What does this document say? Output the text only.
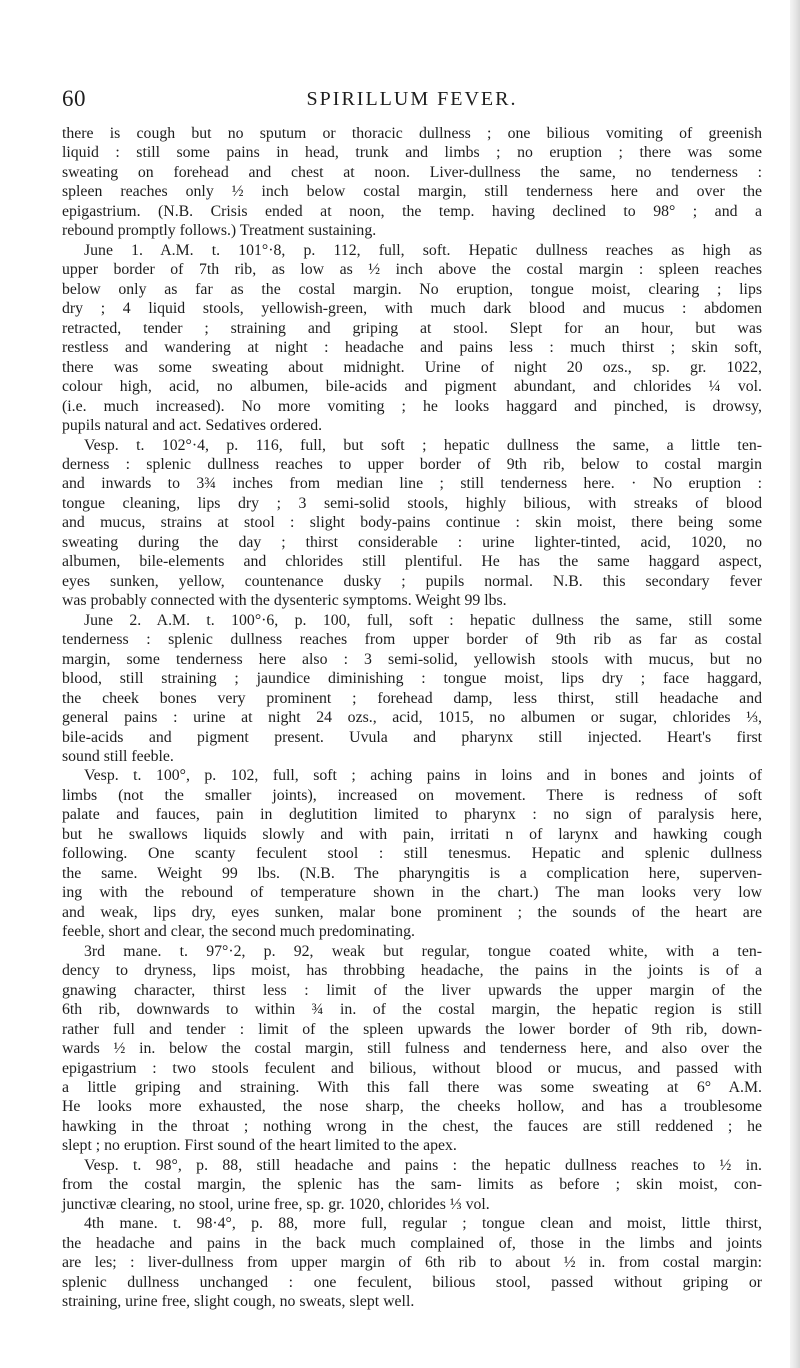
60	SPIRILLUM FEVER.
there is cough but no sputum or thoracic dullness ; one bilious vomiting of greenish
liquid : still some pains in head, trunk and limbs ; no eruption ; there was some
sweating on forehead and chest at noon. Liver-dullness the same, no tenderness :
spleen reaches only ½ inch below costal margin, still tenderness here and over the
epigastrium. (N.B. Crisis ended at noon, the temp. having declined to 98° ; and a
rebound promptly follows.) Treatment sustaining.
June 1. A.M. t. 101°·8, p. 112, full, soft. Hepatic dullness reaches as high as
upper border of 7th rib, as low as ½ inch above the costal margin : spleen reaches
below only as far as the costal margin. No eruption, tongue moist, clearing ; lips
dry ; 4 liquid stools, yellowish-green, with much dark blood and mucus : abdomen
retracted, tender ; straining and griping at stool. Slept for an hour, but was
restless and wandering at night : headache and pains less : much thirst ; skin soft,
there was some sweating about midnight. Urine of night 20 ozs., sp. gr. 1022,
colour high, acid, no albumen, bile-acids and pigment abundant, and chlorides ¼ vol.
(i.e. much increased). No more vomiting ; he looks haggard and pinched, is drowsy,
pupils natural and act. Sedatives ordered.
Vesp. t. 102°·4, p. 116, full, but soft ; hepatic dullness the same, a little ten-
derness : splenic dullness reaches to upper border of 9th rib, below to costal margin
and inwards to 3¾ inches from median line ; still tenderness here. · No eruption :
tongue cleaning, lips dry ; 3 semi-solid stools, highly bilious, with streaks of blood
and mucus, strains at stool : slight body-pains continue : skin moist, there being some
sweating during the day ; thirst considerable : urine lighter-tinted, acid, 1020, no
albumen, bile-elements and chlorides still plentiful. He has the same haggard aspect,
eyes sunken, yellow, countenance dusky ; pupils normal. N.B. this secondary fever
was probably connected with the dysenteric symptoms. Weight 99 lbs.
June 2. A.M. t. 100°·6, p. 100, full, soft : hepatic dullness the same, still some
tenderness : splenic dullness reaches from upper border of 9th rib as far as costal
margin, some tenderness here also : 3 semi-solid, yellowish stools with mucus, but no
blood, still straining ; jaundice diminishing : tongue moist, lips dry ; face haggard,
the cheek bones very prominent ; forehead damp, less thirst, still headache and
general pains : urine at night 24 ozs., acid, 1015, no albumen or sugar, chlorides ⅓,
bile-acids and pigment present. Uvula and pharynx still injected. Heart's first
sound still feeble.
Vesp. t. 100°, p. 102, full, soft ; aching pains in loins and in bones and joints of
limbs (not the smaller joints), increased on movement. There is redness of soft
palate and fauces, pain in deglutition limited to pharynx : no sign of paralysis here,
but he swallows liquids slowly and with pain, irritati n of larynx and hawking cough
following. One scanty feculent stool : still tenesmus. Hepatic and splenic dullness
the same. Weight 99 lbs. (N.B. The pharyngitis is a complication here, superven-
ing with the rebound of temperature shown in the chart.) The man looks very low
and weak, lips dry, eyes sunken, malar bone prominent ; the sounds of the heart are
feeble, short and clear, the second much predominating.
3rd mane. t. 97°·2, p. 92, weak but regular, tongue coated white, with a ten-
dency to dryness, lips moist, has throbbing headache, the pains in the joints is of a
gnawing character, thirst less : limit of the liver upwards the upper margin of the
6th rib, downwards to within ¾ in. of the costal margin, the hepatic region is still
rather full and tender : limit of the spleen upwards the lower border of 9th rib, down-
wards ½ in. below the costal margin, still fulness and tenderness here, and also over the
epigastrium : two stools feculent and bilious, without blood or mucus, and passed with
a little griping and straining. With this fall there was some sweating at 6° A.M.
He looks more exhausted, the nose sharp, the cheeks hollow, and has a troublesome
hawking in the throat ; nothing wrong in the chest, the fauces are still reddened ; he
slept ; no eruption. First sound of the heart limited to the apex.
Vesp. t. 98°, p. 88, still headache and pains : the hepatic dullness reaches to ½ in.
from the costal margin, the splenic has the sam- limits as before ; skin moist, con-
junctivæ clearing, no stool, urine free, sp. gr. 1020, chlorides ⅓ vol.
4th mane. t. 98·4°, p. 88, more full, regular ; tongue clean and moist, little thirst,
the headache and pains in the back much complained of, those in the limbs and joints
are les; : liver-dullness from upper margin of 6th rib to about ½ in. from costal margin:
splenic dullness unchanged : one feculent, bilious stool, passed without griping or
straining, urine free, slight cough, no sweats, slept well.
